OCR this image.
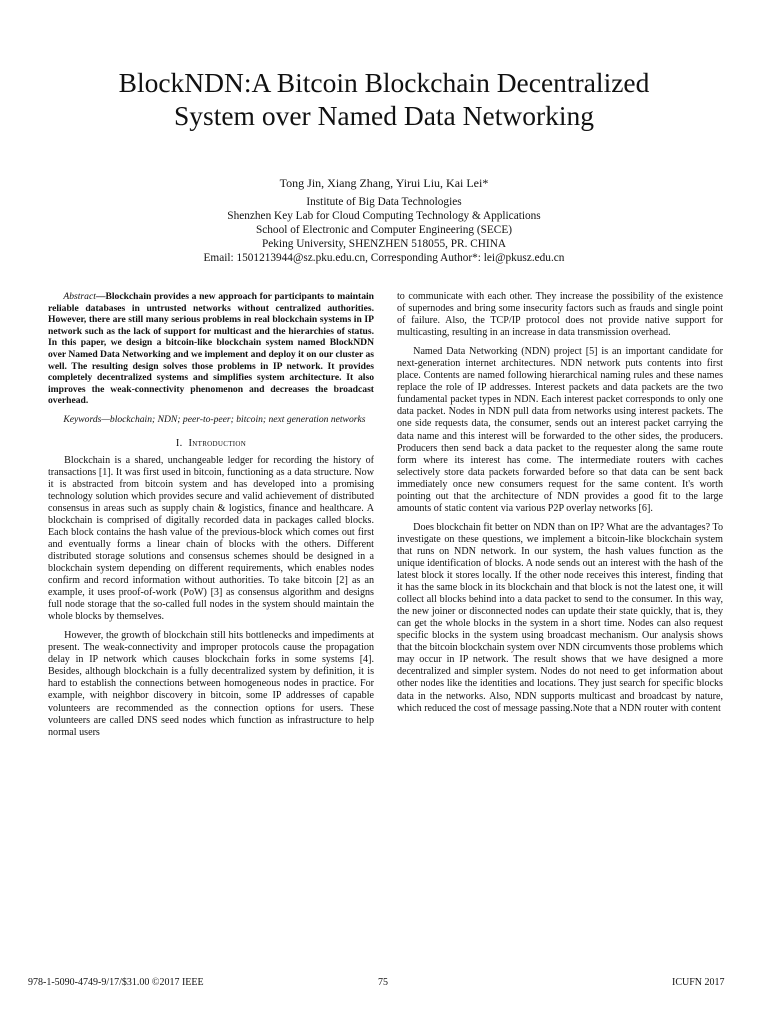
BlockNDN:A Bitcoin Blockchain Decentralized
System over Named Data Networking
Tong Jin, Xiang Zhang, Yirui Liu, Kai Lei*
Institute of Big Data Technologies
Shenzhen Key Lab for Cloud Computing Technology & Applications
School of Electronic and Computer Engineering (SECE)
Peking University, SHENZHEN 518055, PR. CHINA
Email: 1501213944@sz.pku.edu.cn, Corresponding Author*: lei@pkusz.edu.cn

Abstract—Blockchain provides a new approach for participants to maintain reliable databases in untrusted networks without centralized authorities. However, there are still many serious problems in real blockchain systems in IP network such as the lack of support for multicast and the hierarchies of status. In this paper, we design a bitcoin-like blockchain system named BlockNDN over Named Data Networking and we implement and deploy it on our cluster as well. The resulting design solves those problems in IP network. It provides completely decentralized systems and simplifies system architecture. It also improves the weak-connectivity phenomenon and decreases the broadcast overhead.

Keywords—blockchain; NDN; peer-to-peer; bitcoin; next generation networks

I. Introduction

Blockchain is a shared, unchangeable ledger for recording the history of transactions [1]. It was first used in bitcoin, functioning as a data structure. Now it is abstracted from bitcoin system and has developed into a promising technology solution which provides secure and valid achievement of distributed consensus in areas such as supply chain & logistics, finance and healthcare. A blockchain is comprised of digitally recorded data in packages called blocks. Each block contains the hash value of the previous-block which comes out first and eventually forms a linear chain of blocks with the others. Different distributed storage solutions and consensus schemes should be designed in a blockchain system depending on different requirements, which enables nodes confirm and record information without authorities. To take bitcoin [2] as an example, it uses proof-of-work (PoW) [3] as consensus algorithm and designs full node storage that the so-called full nodes in the system should maintain the whole blocks by themselves.

However, the growth of blockchain still hits bottlenecks and impediments at present. The weak-connectivity and improper protocols cause the propagation delay in IP network which causes blockchain forks in some systems [4]. Besides, although blockchain is a fully decentralized system by definition, it is hard to establish the connections between homogeneous nodes in practice. For example, with neighbor discovery in bitcoin, some IP addresses of capable volunteers are recommended as the connection options for users. These volunteers are called DNS seed nodes which function as infrastructure to help normal users

to communicate with each other. They increase the possibility of the existence of supernodes and bring some insecurity factors such as frauds and single point of failure. Also, the TCP/IP protocol does not provide native support for multicasting, resulting in an increase in data transmission overhead.

Named Data Networking (NDN) project [5] is an important candidate for next-generation internet architectures. NDN network puts contents into first place. Contents are named following hierarchical naming rules and these names replace the role of IP addresses. Interest packets and data packets are the two fundamental packet types in NDN. Each interest packet corresponds to only one data packet. Nodes in NDN pull data from networks using interest packets. The one side requests data, the consumer, sends out an interest packet carrying the data name and this interest will be forwarded to the other sides, the producers. Producers then send back a data packet to the requester along the same route form where its interest has come. The intermediate routers with caches selectively store data packets forwarded before so that data can be sent back immediately once new consumers request for the same content. It's worth pointing out that the architecture of NDN provides a good fit to the large amounts of static content via various P2P overlay networks [6].

Does blockchain fit better on NDN than on IP? What are the advantages? To investigate on these questions, we implement a bitcoin-like blockchain system that runs on NDN network. In our system, the hash values function as the unique identification of blocks. A node sends out an interest with the hash of the latest block it stores locally. If the other node receives this interest, finding that it has the same block in its blockchain and that block is not the latest one, it will collect all blocks behind into a data packet to send to the consumer. In this way, the new joiner or disconnected nodes can update their state quickly, that is, they can get the whole blocks in the system in a short time. Nodes can also request specific blocks in the system using broadcast mechanism. Our analysis shows that the bitcoin blockchain system over NDN circumvents those problems which may occur in IP network. The result shows that we have designed a more decentralized and simpler system. Nodes do not need to get information about other nodes like the identities and locations. They just search for specific blocks data in the networks. Also, NDN supports multicast and broadcast by nature, which reduced the cost of message passing.Note that a NDN router with content

978-1-5090-4749-9/17/$31.00 ©2017 IEEE	75	ICUFN 2017
